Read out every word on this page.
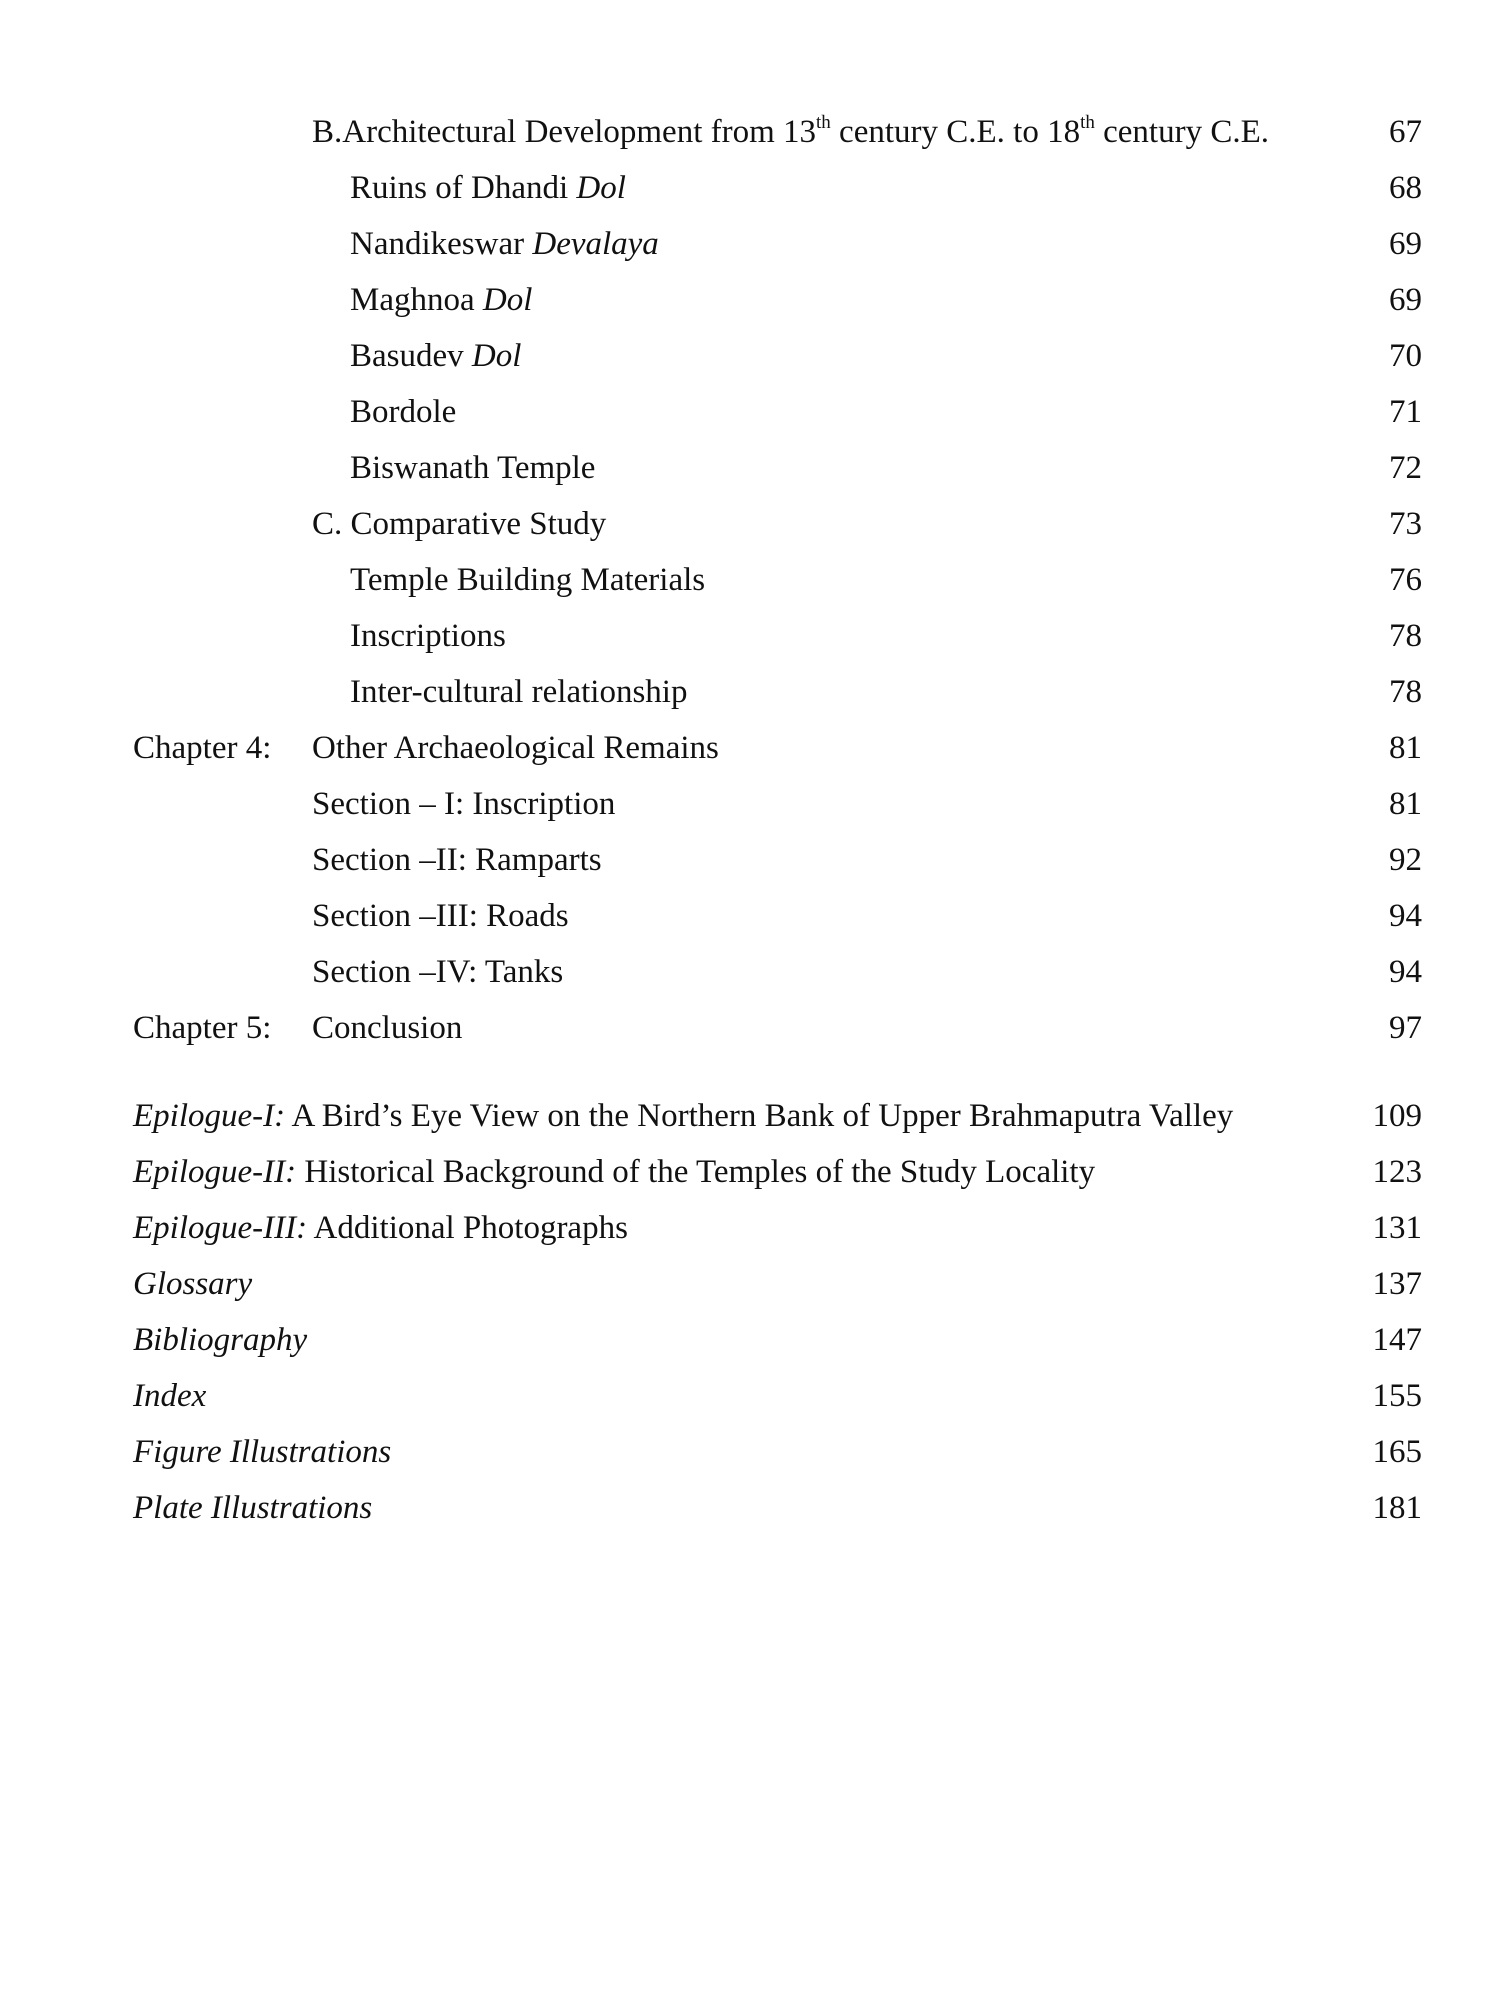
B.Architectural Development from 13th century C.E. to 18th century C.E.	67
Ruins of Dhandi Dol	68
Nandikeswar Devalaya	69
Maghnoa Dol	69
Basudev Dol	70
Bordole	71
Biswanath Temple	72
C. Comparative Study	73
Temple Building Materials	76
Inscriptions	78
Inter-cultural relationship	78
Chapter 4: Other Archaeological Remains	81
Section – I: Inscription	81
Section –II: Ramparts	92
Section –III: Roads	94
Section –IV: Tanks	94
Chapter 5: Conclusion	97
Epilogue-I: A Bird’s Eye View on the Northern Bank of Upper Brahmaputra Valley	109
Epilogue-II: Historical Background of the Temples of the Study Locality	123
Epilogue-III: Additional Photographs	131
Glossary	137
Bibliography	147
Index	155
Figure Illustrations	165
Plate Illustrations	181
